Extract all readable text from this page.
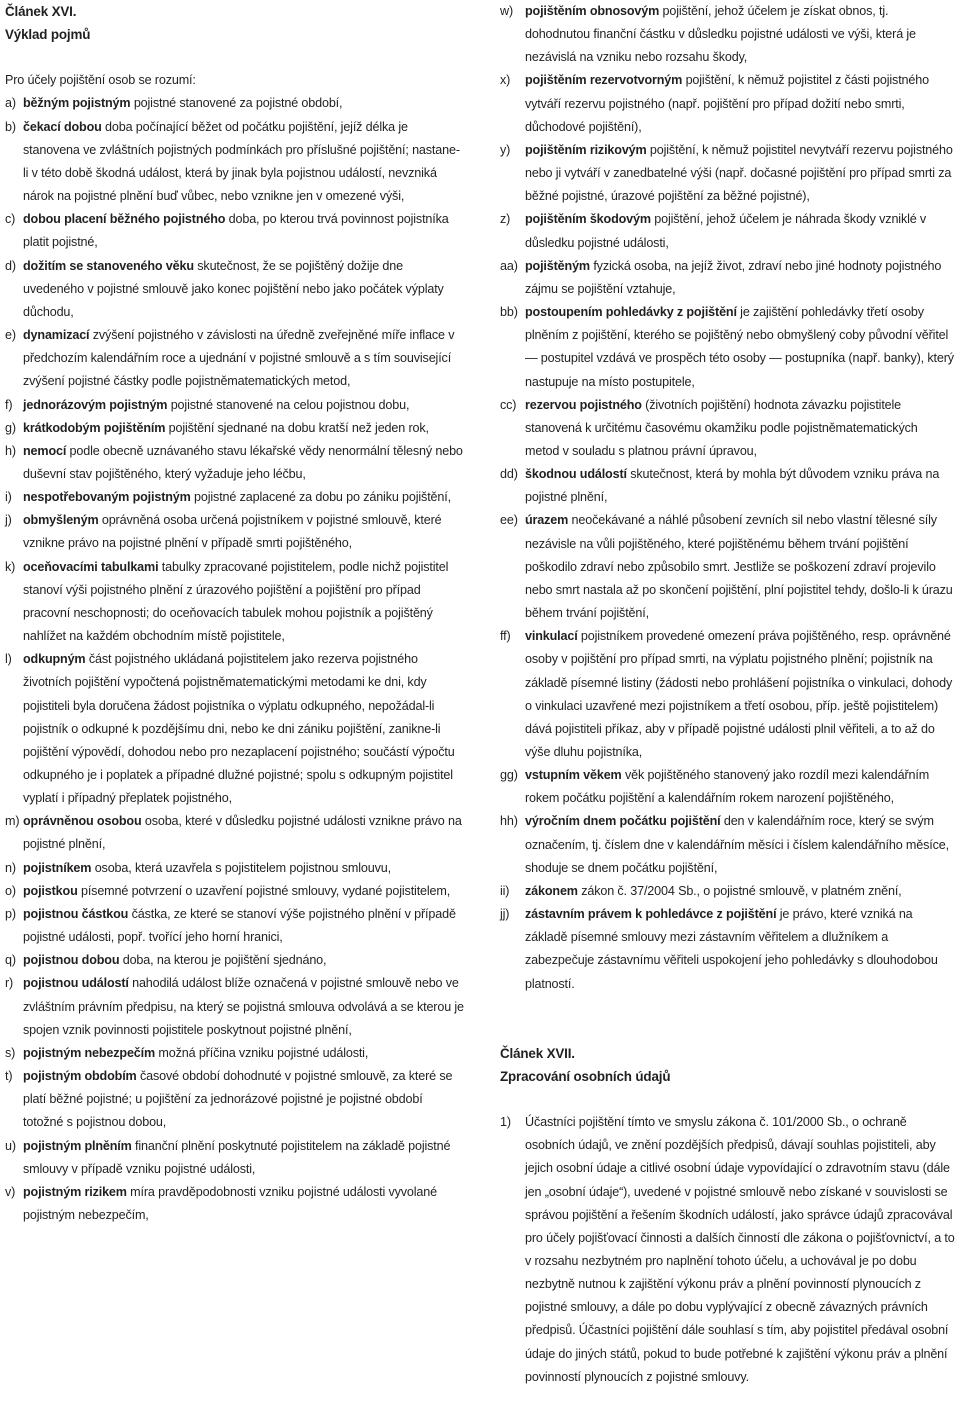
Článek XVI.

Výklad pojmů

Pro účely pojištění osob se rozumí:
a) běžným pojistným pojistné stanovené za pojistné období,
b) čekací dobou doba počínající běžet od počátku pojištění, jejíž délka je stanovena ve zvláštních pojistných podmínkách pro příslušné pojištění; nastane-li v této době škodná událost, která by jinak byla pojistnou událostí, nevzniká nárok na pojistné plnění buď vůbec, nebo vznikne jen v omezené výši,
c) dobou placení běžného pojistného doba, po kterou trvá povinnost pojistníka platit pojistné,
d) dožitím se stanoveného věku skutečnost, že se pojištěný dožije dne uvedeného v pojistné smlouvě jako konec pojištění nebo jako počátek výplaty důchodu,
e) dynamizací zvýšení pojistného v závislosti na úředně zveřejněné míře inflace v předchozím kalendářním roce a ujednání v pojistné smlouvě a s tím související zvýšení pojistné částky podle pojistněmatematických metod,
f) jednorázovým pojistným pojistné stanovené na celou pojistnou dobu,
g) krátkodobým pojištěním pojištění sjednané na dobu kratší než jeden rok,
h) nemocí podle obecně uznávaného stavu lékařské vědy nenormální tělesný nebo duševní stav pojištěného, který vyžaduje jeho léčbu,
i) nespotřebovaným pojistným pojistné zaplacené za dobu po zániku pojištění,
j) obmyšleným oprávněná osoba určená pojistníkem v pojistné smlouvě, které vznikne právo na pojistné plnění v případě smrti pojištěného,
k) oceňovacími tabulkami tabulky zpracované pojistitelem, podle nichž pojistitel stanoví výši pojistného plnění z úrazového pojištění a pojištění pro případ pracovní neschopnosti; do oceňovacích tabulek mohou pojistník a pojištěný nahlížet na každém obchodním místě pojistitele,
l) odkupným část pojistného ukládaná pojistitelem jako rezerva pojistného životních pojištění vypočtená pojistněmatematickými metodami ke dni, kdy pojistiteli byla doručena žádost pojistníka o výplatu odkupného, nepožádal-li pojistník o odkupné k pozdějšímu dni, nebo ke dni zániku pojištění, zanikne-li pojištění výpovědí, dohodou nebo pro nezaplacení pojistného; součástí výpočtu odkupného je i poplatek a případné dlužné pojistné; spolu s odkupným pojistitel vyplatí i případný přeplatek pojistného,
m) oprávněnou osobou osoba, které v důsledku pojistné události vznikne právo na pojistné plnění,
n) pojistníkem osoba, která uzavřela s pojistitelem pojistnou smlouvu,
o) pojistkou písemné potvrzení o uzavření pojistné smlouvy, vydané pojistitelem,
p) pojistnou částkou částka, ze které se stanoví výše pojistného plnění v případě pojistné události, popř. tvořící jeho horní hranici,
q) pojistnou dobou doba, na kterou je pojištění sjednáno,
r) pojistnou událostí nahodilá událost blíže označená v pojistné smlouvě nebo ve zvláštním právním předpisu, na který se pojistná smlouva odvolává a se kterou je spojen vznik povinnosti pojistitele poskytnout pojistné plnění,
s) pojistným nebezpečím možná příčina vzniku pojistné události,
t) pojistným obdobím časové období dohodnuté v pojistné smlouvě, za které se platí běžné pojistné; u pojištění za jednorázové pojistné je pojistné období totožné s pojistnou dobou,
u) pojistným plněním finanční plnění poskytnuté pojistitelem na základě pojistné smlouvy v případě vzniku pojistné události,
v) pojistným rizikem míra pravděpodobnosti vzniku pojistné události vyvolané pojistným nebezpečím,
w) pojištěním obnosovým pojištění, jehož účelem je získat obnos, tj. dohodnutou finanční částku v důsledku pojistné události ve výši, která je nezávislá na vzniku nebo rozsahu škody,
x)	pojištěním rezervotvorným pojištění, k němuž pojistitel z části pojistného vytváří rezervu pojistného (např. pojištění pro případ dožití nebo smrti, důchodové pojištění),
y)	pojištěním rizikovým pojištění, k němuž pojistitel nevytváří rezervu pojistného nebo ji vytváří v zanedbatelné výši (např. dočasné pojištění pro případ smrti za běžné pojistné, úrazové pojištění za běžné pojistné),
z)	pojištěním škodovým pojištění, jehož účelem je náhrada škody vzniklé v důsledku pojistné události,
aa) pojištěným fyzická osoba, na jejíž život, zdraví nebo jiné hodnoty pojistného zájmu se pojištění vztahuje,
bb) postoupením pohledávky z pojištění je zajištění pohledávky třetí osoby plněním z pojištění, kterého se pojištěný nebo obmyšlený coby původní věřitel — postupitel vzdává ve prospěch této osoby — postupníka (např. banky), který nastupuje na místo postupitele,
cc) rezervou pojistného (životních pojištění) hodnota závazku pojistitele stanovená k určitému časovému okamžiku podle pojistněmatematických metod v souladu s platnou právní úpravou,
dd) škodnou událostí skutečnost, která by mohla být důvodem vzniku práva na pojistné plnění,
ee) úrazem neočekávané a náhlé působení zevních sil nebo vlastní tělesné síly nezávisle na vůli pojištěného, které pojištěnému během trvání pojištění poškodilo zdraví nebo způsobilo smrt. Jestliže se poškození zdraví projevilo nebo smrt nastala až po skončení pojištění, plní pojistitel tehdy, došlo-li k úrazu během trvání pojištění,
ff)	vinkulací pojistníkem provedené omezení práva pojištěného, resp. oprávněné osoby v pojištění pro případ smrti, na výplatu pojistného plnění; pojistník na základě písemné listiny (žádosti nebo prohlášení pojistníka o vinkulaci, dohody o vinkulaci uzavřené mezi pojistníkem a třetí osobou, příp. ještě pojistitelem) dává pojistiteli příkaz, aby v případě pojistné události plnil věřiteli, a to až do výše dluhu pojistníka,
gg) vstupním věkem věk pojištěného stanovený jako rozdíl mezi kalendářním rokem počátku pojištění a kalendářním rokem narození pojištěného,
hh) výročním dnem počátku pojištění den v kalendářním roce, který se svým označením, tj. číslem dne v kalendářním měsíci i číslem kalendářního měsíce, shoduje se dnem počátku pojištění,
ii)	zákonem zákon č. 37/2004 Sb., o pojistné smlouvě, v platném znění,
jj)	zástavním právem k pohledávce z pojištění je právo, které vzniká na základě písemné smlouvy mezi zástavním věřitelem a dlužníkem a zabezpečuje zástavnímu věřiteli uspokojení jeho pohledávky s dlouhodobou platností.

Článek XVII.

Zpracování osobních údajů

1)	Účastníci pojištění tímto ve smyslu zákona č. 101/2000 Sb., o ochraně osobních údajů, ve znění pozdějších předpisů, dávají souhlas pojistiteli, aby jejich osobní údaje a citlivé osobní údaje vypovídající o zdravotním stavu (dále jen „osobní údaje“), uvedené v pojistné smlouvě nebo získané v souvislosti se správou pojištění a řešením škodních událostí, jako správce údajů zpracovával pro účely pojišťovací činnosti a dalších činností dle zákona o pojišťovnictví, a to v rozsahu nezbytném pro naplnění tohoto účelu, a uchovával je po dobu nezbytně nutnou k zajištění výkonu práv a plnění povinností plynoucích z pojistné smlouvy, a dále po dobu vyplývající z obecně závazných právních předpisů. Účastníci pojištění dále souhlasí s tím, aby pojistitel předával osobní údaje do jiných států, pokud to bude potřebné k zajištění výkonu práv a plnění povinností plynoucích z pojistné smlouvy.
